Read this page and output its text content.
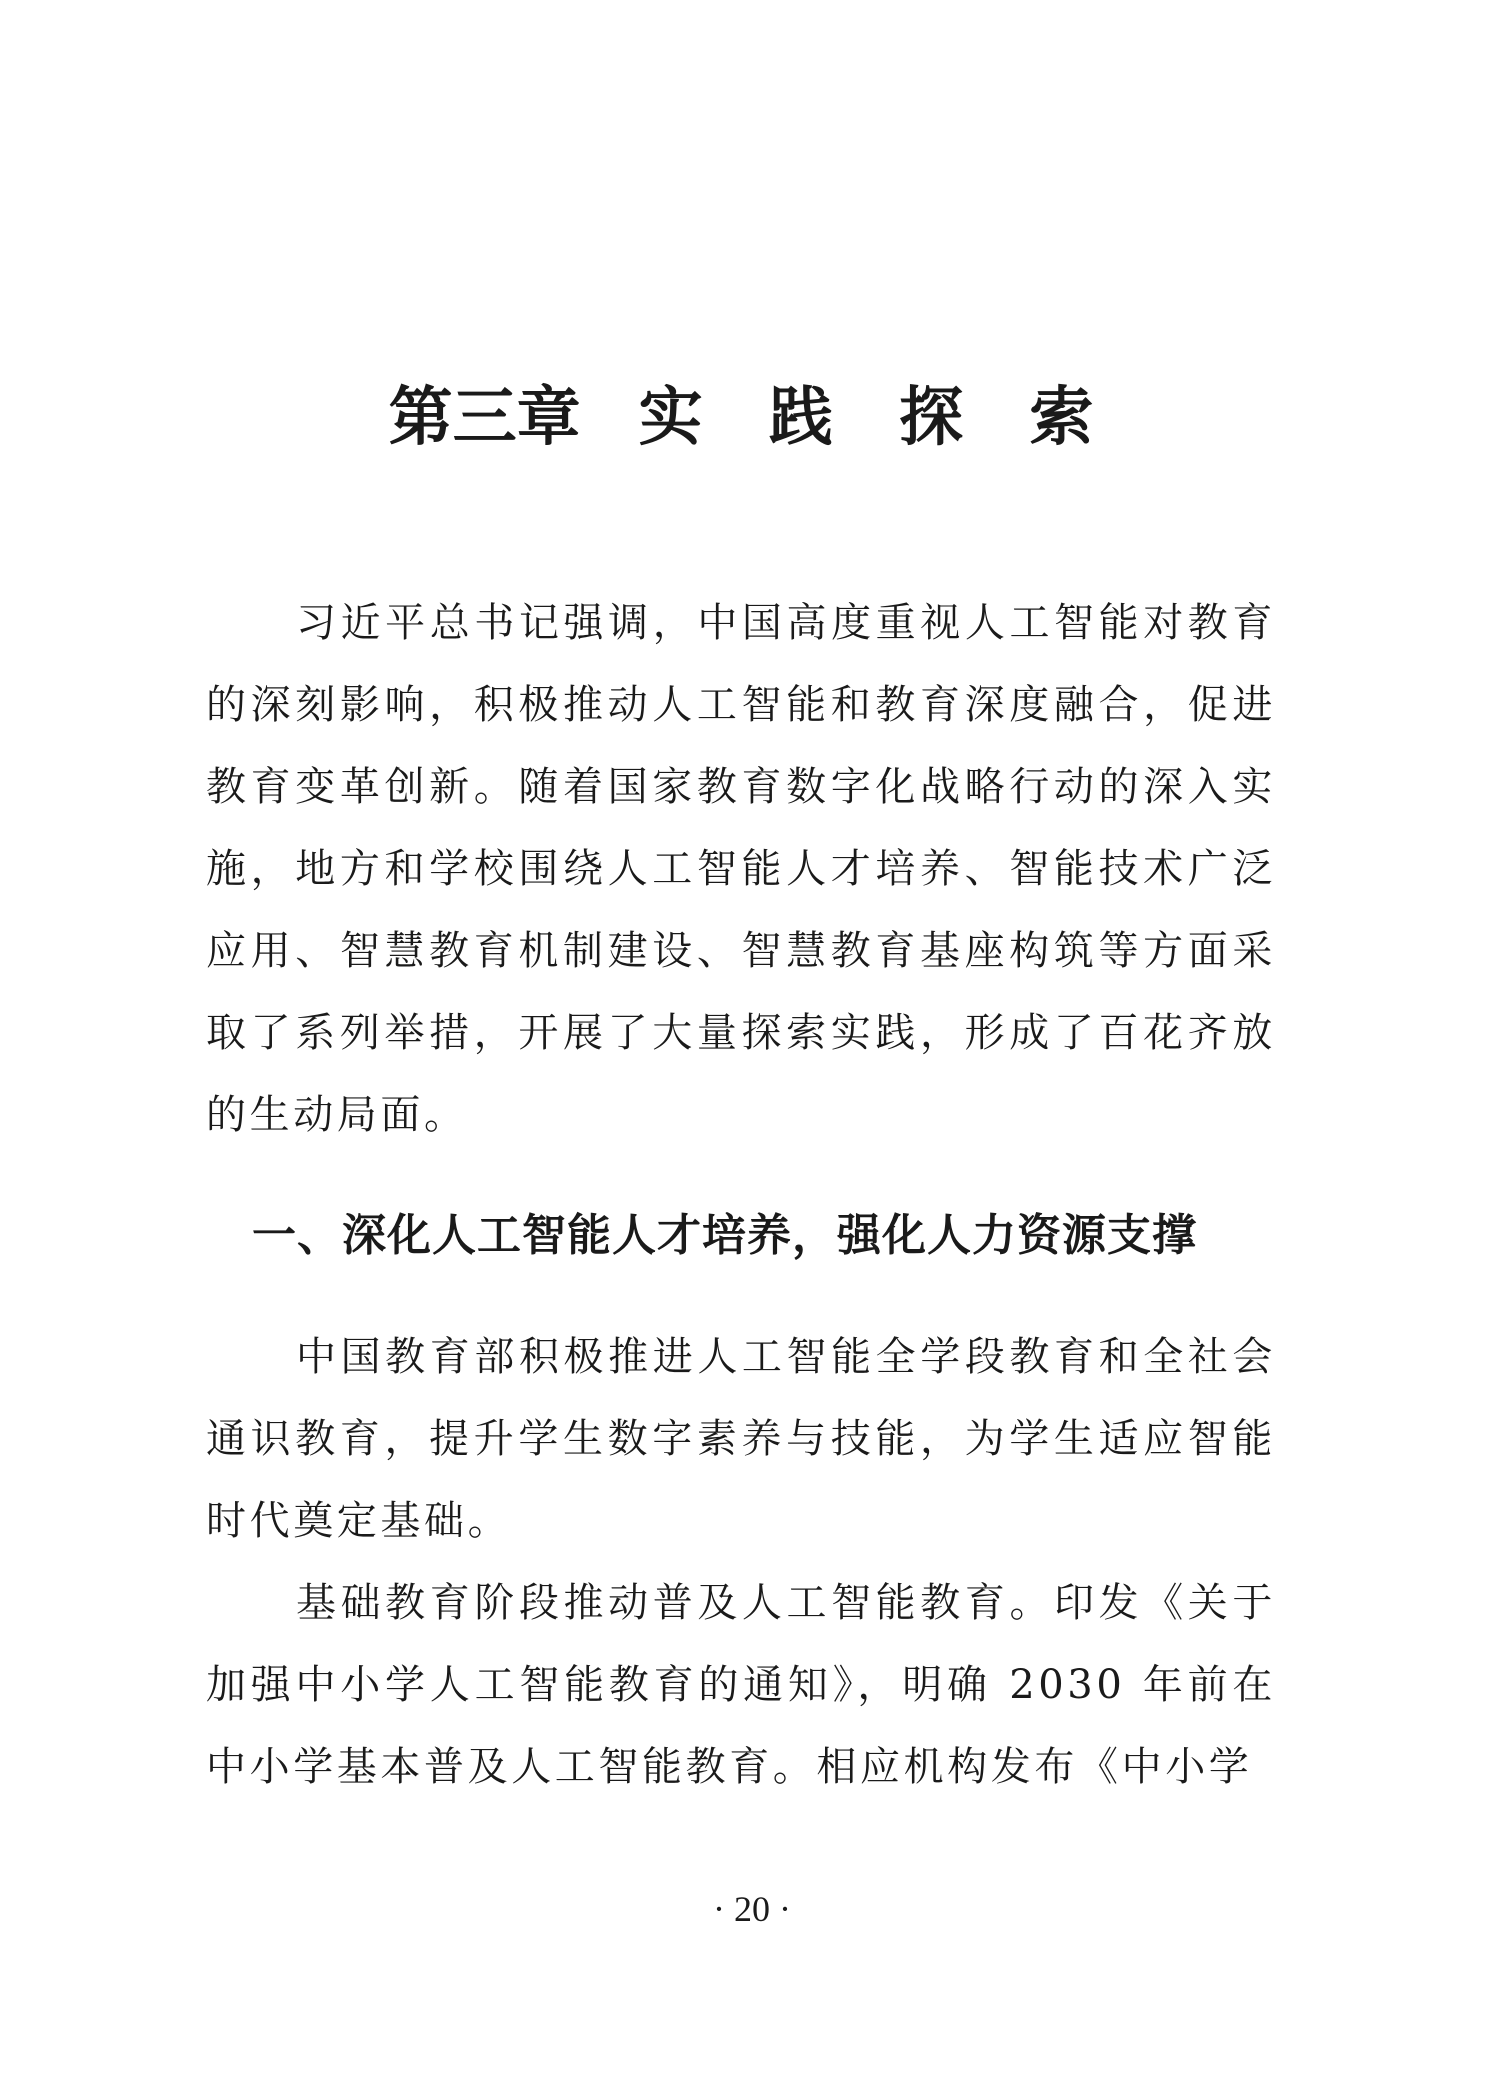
第三章 实 践 探 索

习近平总书记强调，中国高度重视人工智能对教育的深刻影响，积极推动人工智能和教育深度融合，促进教育变革创新。随着国家教育数字化战略行动的深入实施，地方和学校围绕人工智能人才培养、智能技术广泛应用、智慧教育机制建设、智慧教育基座构筑等方面采取了系列举措，开展了大量探索实践，形成了百花齐放的生动局面。

一、深化人工智能人才培养，强化人力资源支撑

中国教育部积极推进人工智能全学段教育和全社会通识教育，提升学生数字素养与技能，为学生适应智能时代奠定基础。

基础教育阶段推动普及人工智能教育。印发《关于加强中小学人工智能教育的通知》，明确 2030 年前在中小学基本普及人工智能教育。相应机构发布《中小学

· 20 ·
